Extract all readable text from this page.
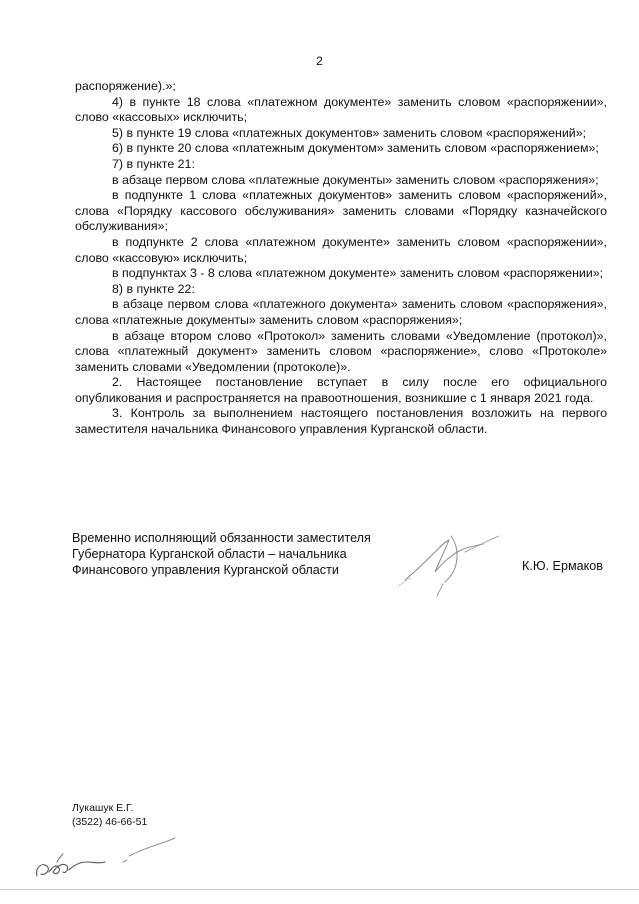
2

распоряжение).»;

4) в пункте 18 слова «платежном документе» заменить словом «распоряжении», слово «кассовых» исключить;

5) в пункте 19 слова «платежных документов» заменить словом «распоряжений»;

6) в пункте 20 слова «платежным документом» заменить словом «распоряжением»;

7) в пункте 21:

в абзаце первом слова «платежные документы» заменить словом «распоряжения»;

в подпункте 1 слова «платежных документов» заменить словом «распоряжений», слова «Порядку кассового обслуживания» заменить словами «Порядку казначейского обслуживания»;

в подпункте 2 слова «платежном документе» заменить словом «распоряжении», слово «кассовую» исключить;

в подпунктах 3 - 8 слова «платежном документе» заменить словом «распоряжении»;

8) в пункте 22:

в абзаце первом слова «платежного документа» заменить словом «распоряжения», слова «платежные документы» заменить словом «распоряжения»;

в абзаце втором слово «Протокол» заменить словами «Уведомление (протокол)», слова «платежный документ» заменить словом «распоряжение», слово «Протоколе» заменить словами «Уведомлении (протоколе)».

2. Настоящее постановление вступает в силу после его официального опубликования и распространяется на правоотношения, возникшие с 1 января 2021 года.

3. Контроль за выполнением настоящего постановления возложить на первого заместителя начальника Финансового управления Курганской области.

Временно исполняющий обязанности заместителя
Губернатора Курганской области – начальника
Финансового управления Курганской области	К.Ю. Ермаков
Лукашук Е.Г.
(3522) 46-66-51
